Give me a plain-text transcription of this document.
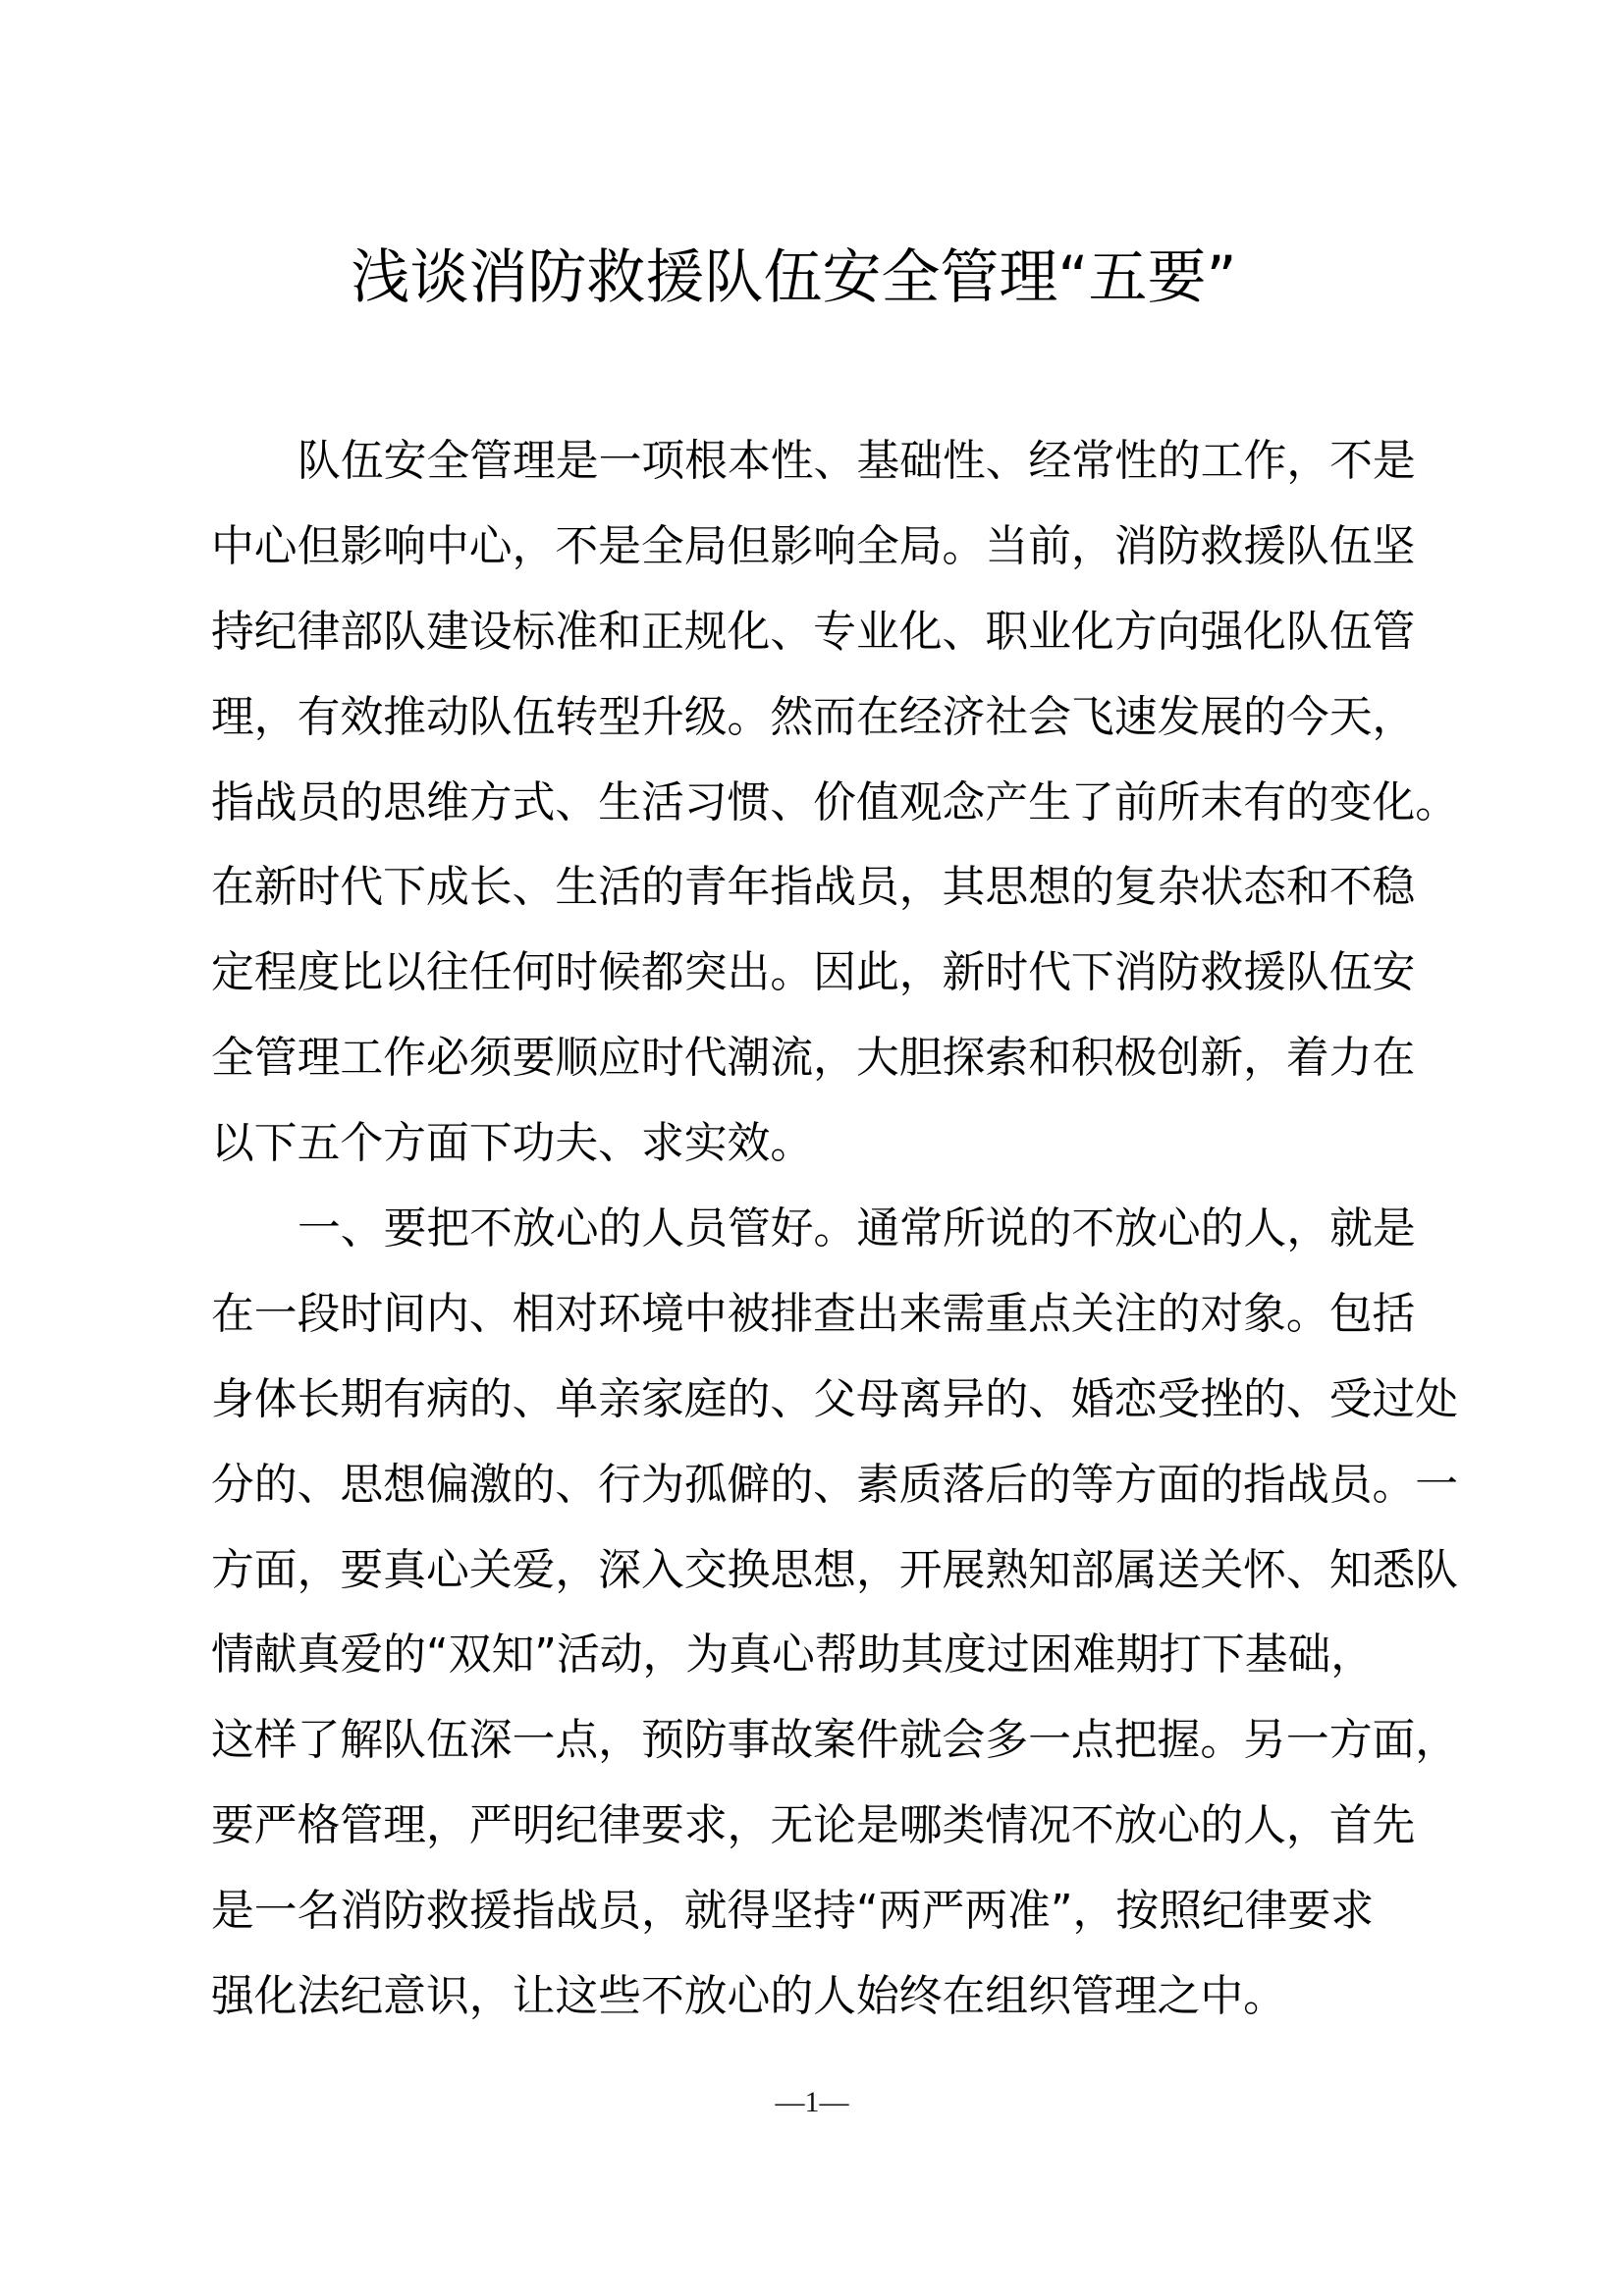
浅谈消防救援队伍安全管理“五要”
队伍安全管理是一项根本性、基础性、经常性的工作，不是
中心但影响中心，不是全局但影响全局。当前，消防救援队伍坚
持纪律部队建设标准和正规化、专业化、职业化方向强化队伍管
理，有效推动队伍转型升级。然而在经济社会飞速发展的今天，
指战员的思维方式、生活习惯、价值观念产生了前所末有的变化。
在新时代下成长、生活的青年指战员，其思想的复杂状态和不稳
定程度比以往任何时候都突出。因此，新时代下消防救援队伍安
全管理工作必须要顺应时代潮流，大胆探索和积极创新，着力在
以下五个方面下功夫、求实效。
一、要把不放心的人员管好。通常所说的不放心的人，就是
在一段时间内、相对环境中被排查出来需重点关注的对象。包括
身体长期有病的、单亲家庭的、父母离异的、婚恋受挫的、受过处
分的、思想偏激的、行为孤僻的、素质落后的等方面的指战员。一
方面，要真心关爱，深入交换思想，开展熟知部属送关怀、知悉队
情献真爱的“双知”活动，为真心帮助其度过困难期打下基础，
这样了解队伍深一点，预防事故案件就会多一点把握。另一方面，
要严格管理，严明纪律要求，无论是哪类情况不放心的人，首先
是一名消防救援指战员，就得坚持“两严两准”，按照纪律要求
强化法纪意识，让这些不放心的人始终在组织管理之中。
—1—
